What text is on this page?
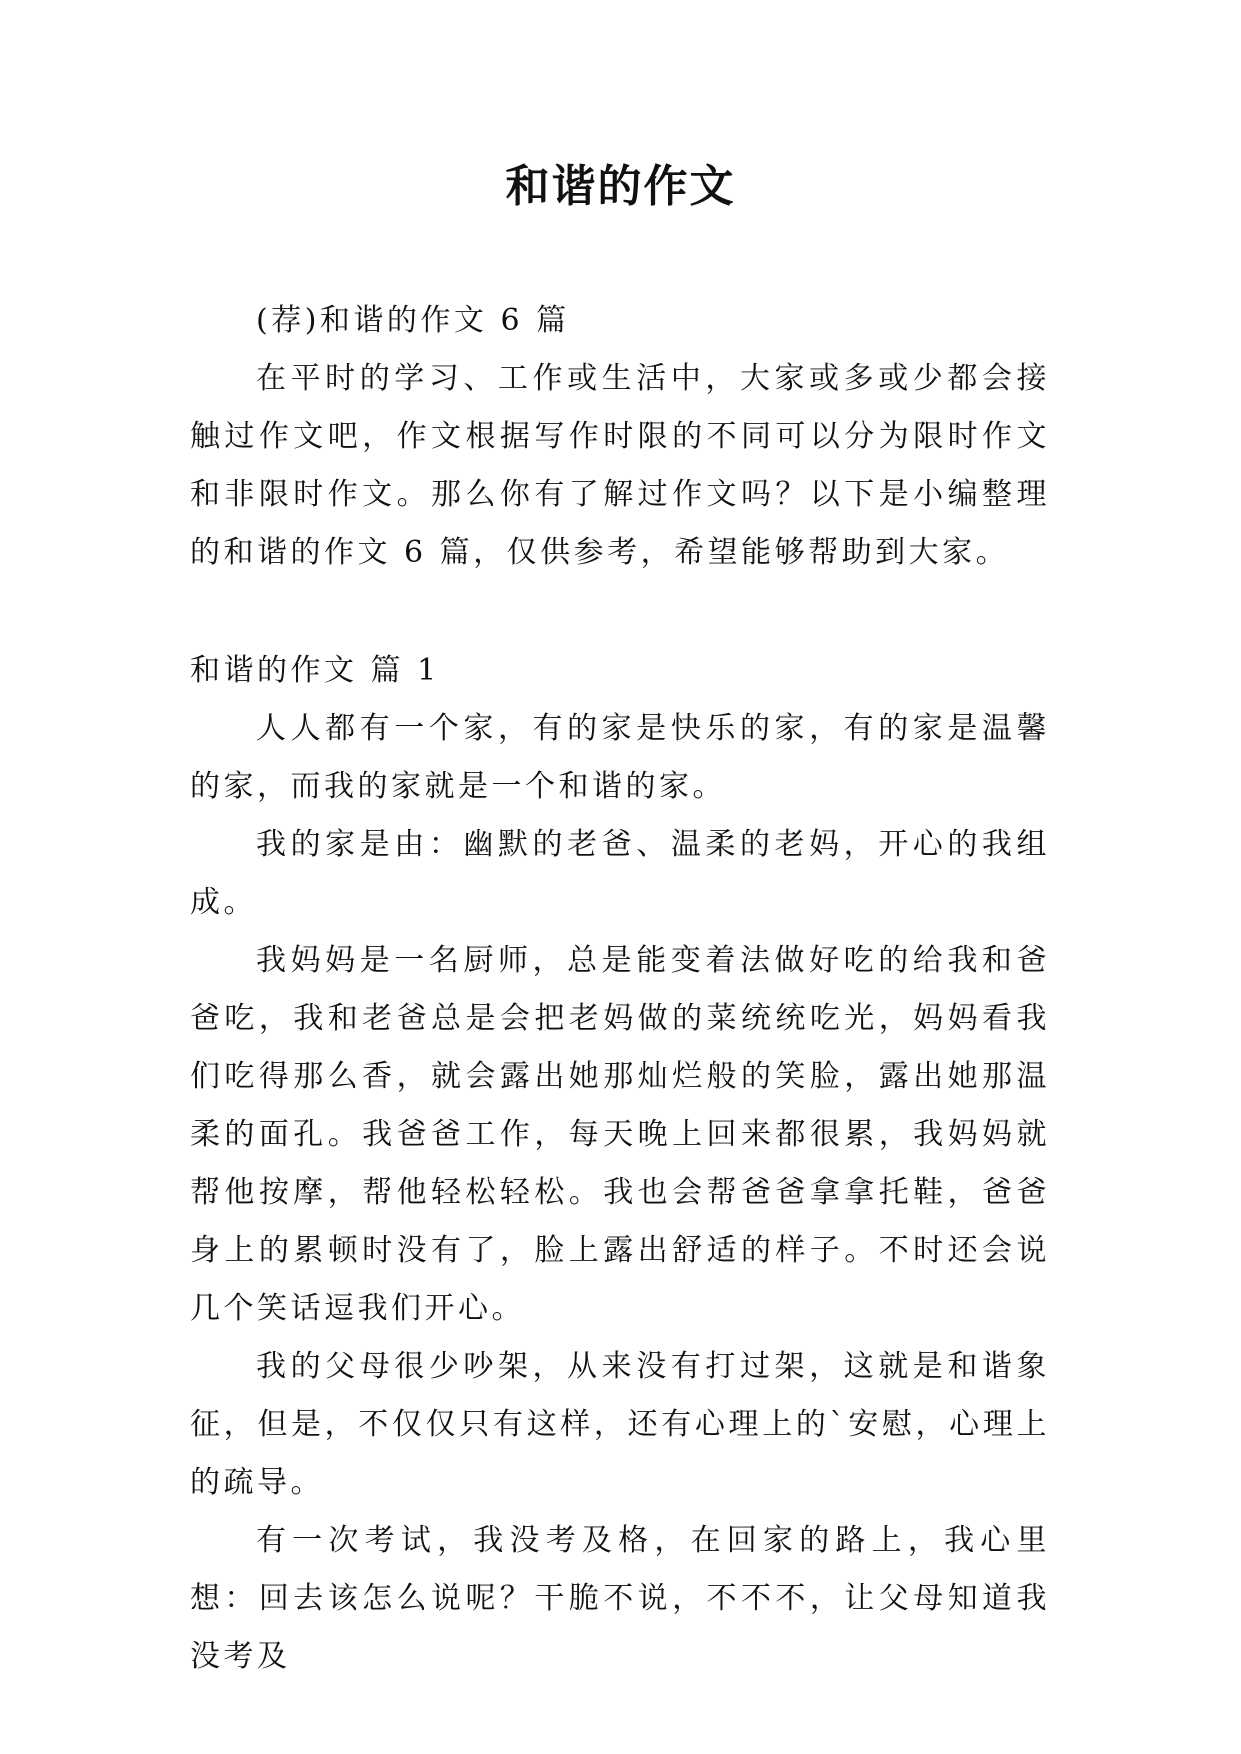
和谐的作文

(荐)和谐的作文 6 篇

在平时的学习、工作或生活中，大家或多或少都会接触过作文吧，作文根据写作时限的不同可以分为限时作文和非限时作文。那么你有了解过作文吗？以下是小编整理的和谐的作文 6 篇，仅供参考，希望能够帮助到大家。

和谐的作文 篇 1

人人都有一个家，有的家是快乐的家，有的家是温馨的家，而我的家就是一个和谐的家。

我的家是由：幽默的老爸、温柔的老妈，开心的我组成。

我妈妈是一名厨师，总是能变着法做好吃的给我和爸爸吃，我和老爸总是会把老妈做的菜统统吃光，妈妈看我们吃得那么香，就会露出她那灿烂般的笑脸，露出她那温柔的面孔。我爸爸工作，每天晚上回来都很累，我妈妈就帮他按摩，帮他轻松轻松。我也会帮爸爸拿拿托鞋，爸爸身上的累顿时没有了，脸上露出舒适的样子。不时还会说几个笑话逗我们开心。

我的父母很少吵架，从来没有打过架，这就是和谐象征，但是，不仅仅只有这样，还有心理上的`安慰，心理上的疏导。

有一次考试，我没考及格，在回家的路上，我心里想：回去该怎么说呢？干脆不说，不不不，让父母知道我没考及
